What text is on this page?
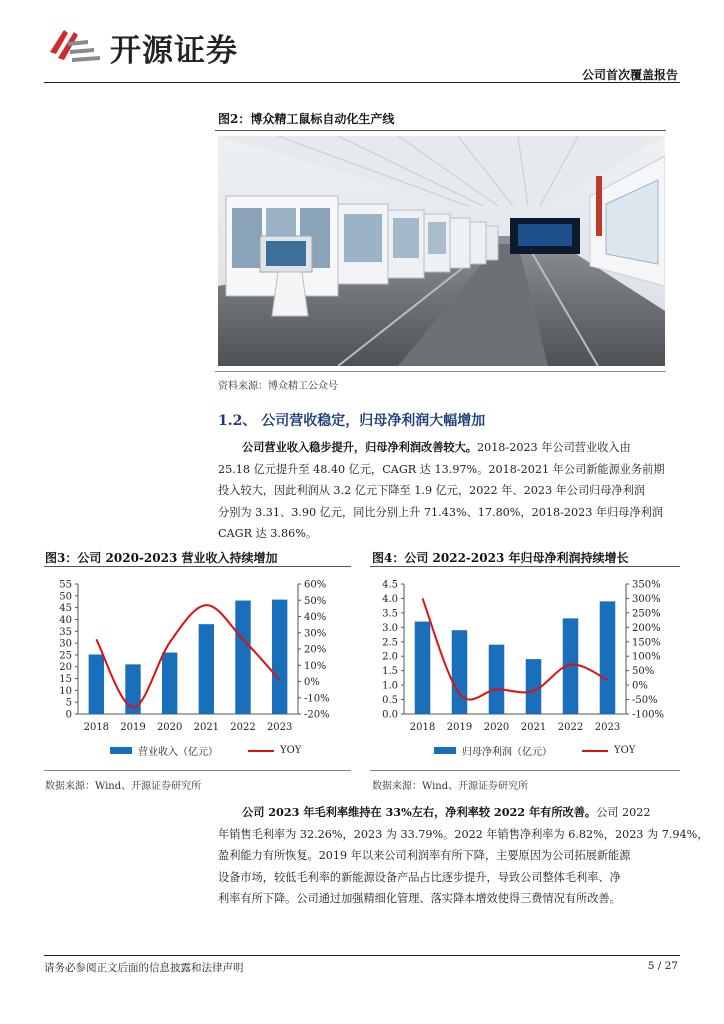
开源证券
公司首次覆盖报告
图2：博众精工鼠标自动化生产线
资料来源：博众精工公众号
1.2、 公司营收稳定，归母净利润大幅增加
公司营业收入稳步提升，归母净利润改善较大。2018-2023 年公司营业收入由
25.18 亿元提升至 48.40 亿元，CAGR 达 13.97%。2018-2021 年公司新能源业务前期
投入较大，因此利润从 3.2 亿元下降至 1.9 亿元，2022 年、2023 年公司归母净利润
分别为 3.31、3.90 亿元，同比分别上升 71.43%、17.80%，2018-2023 年归母净利润
CAGR 达 3.86%。
图3：公司 2020-2023 营业收入持续增加	图4：公司 2022-2023 年归母净利润持续增长
0
5
10
15
20
25
30
35
40
45
50
55
-20%
-10%
0%
10%
20%
30%
40%
50%
60%
2018 2019 2020 2021 2022 2023
0.0
0.5
1.0
1.5
2.0
2.5
3.0
3.5
4.0
4.5
-100%
-50%
0%
50%
100%
150%
200%
250%
300%
350%
2018 2019 2020 2021 2022 2023
营业收入（亿元）	YOY	归母净利润（亿元）	YOY
数据来源：Wind、开源证券研究所	数据来源：Wind、开源证券研究所
公司 2023 年毛利率维持在 33%左右，净利率较 2022 年有所改善。公司 2022
年销售毛利率为 32.26%，2023 为 33.79%。2022 年销售净利率为 6.82%，2023 为 7.94%，
盈利能力有所恢复。2019 年以来公司利润率有所下降，主要原因为公司拓展新能源
设备市场，较低毛利率的新能源设备产品占比逐步提升，导致公司整体毛利率、净
利率有所下降。公司通过加强精细化管理、落实降本增效使得三费情况有所改善。
请务必参阅正文后面的信息披露和法律声明	5 / 27
